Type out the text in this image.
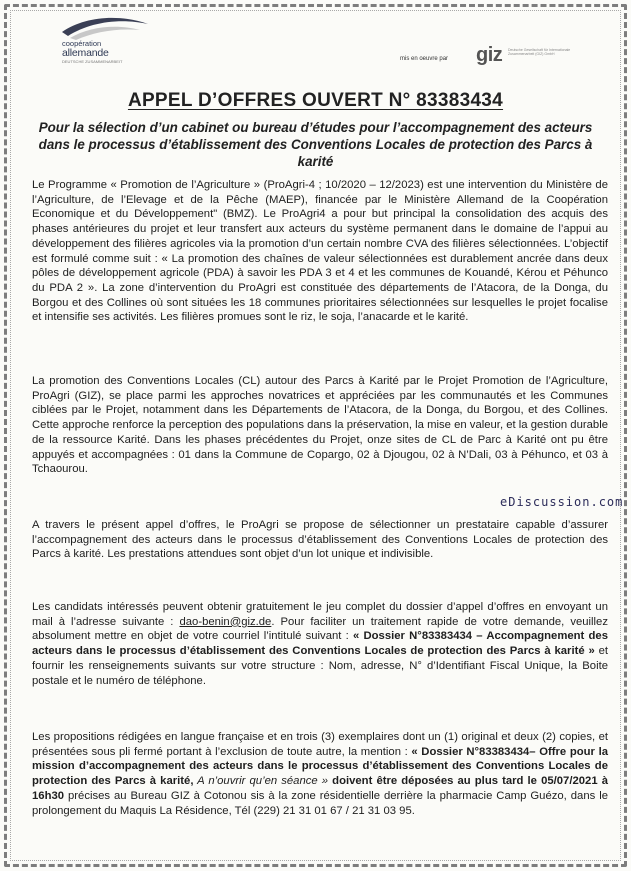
coopération
allemande
DEUTSCHE ZUSAMMENARBEIT	mis en oeuvre par giz Deutsche Gesellschaft für Internationale Zusammenarbeit (GIZ) GmbH
APPEL D’OFFRES OUVERT N° 83383434
Pour la sélection d’un cabinet ou bureau d’études pour l’accompagnement des acteurs dans le processus d’établissement des Conventions Locales de protection des Parcs à karité

Le Programme « Promotion de l’Agriculture » (ProAgri-4 ; 10/2020 – 12/2023) est une intervention du Ministère de l’Agriculture, de l’Elevage et de la Pêche (MAEP), financée par le Ministère Allemand de la Coopération Economique et du Développement" (BMZ). Le ProAgri4 a pour but principal la consolidation des acquis des phases antérieures du projet et leur transfert aux acteurs du système permanent dans le domaine de l’appui au développement des filières agricoles via la promotion d’un certain nombre CVA des filières sélectionnées. L’objectif est formulé comme suit : « La promotion des chaînes de valeur sélectionnées est durablement ancrée dans deux pôles de développement agricole (PDA) à savoir les PDA 3 et 4 et les communes de Kouandé, Kérou et Péhunco du PDA 2 ». La zone d’intervention du ProAgri est constituée des départements de l’Atacora, de la Donga, du Borgou et des Collines où sont situées les 18 communes prioritaires sélectionnées sur lesquelles le projet focalise et intensifie ses activités. Les filières promues sont le riz, le soja, l’anacarde et le karité.

La promotion des Conventions Locales (CL) autour des Parcs à Karité par le Projet Promotion de l’Agriculture, ProAgri (GIZ), se place parmi les approches novatrices et appréciées par les communautés et les Communes ciblées par le Projet, notamment dans les Départements de l’Atacora, de la Donga, du Borgou, et des Collines. Cette approche renforce la perception des populations dans la préservation, la mise en valeur, et la gestion durable de la ressource Karité. Dans les phases précédentes du Projet, onze sites de CL de Parc à Karité ont pu être appuyés et accompagnées : 01 dans la Commune de Copargo, 02 à Djougou, 02 à N’Dali, 03 à Péhunco, et 03 à Tchaourou.

eDiscussion.com

A travers le présent appel d’offres, le ProAgri se propose de sélectionner un prestataire capable d’assurer l’accompagnement des acteurs dans le processus d’établissement des Conventions Locales de protection des Parcs à karité. Les prestations attendues sont objet d’un lot unique et indivisible.

Les candidats intéressés peuvent obtenir gratuitement le jeu complet du dossier d’appel d’offres en envoyant un mail à l’adresse suivante : dao-benin@giz.de. Pour faciliter un traitement rapide de votre demande, veuillez absolument mettre en objet de votre courriel l’intitulé suivant : « Dossier N°83383434 – Accompagnement des acteurs dans le processus d’établissement des Conventions Locales de protection des Parcs à karité » et fournir les renseignements suivants sur votre structure : Nom, adresse, N° d’Identifiant Fiscal Unique, la Boite postale et le numéro de téléphone.

Les propositions rédigées en langue française et en trois (3) exemplaires dont un (1) original et deux (2) copies, et présentées sous pli fermé portant à l’exclusion de toute autre, la mention : « Dossier N°83383434– Offre pour la mission d’accompagnement des acteurs dans le processus d’établissement des Conventions Locales de protection des Parcs à karité, A n’ouvrir qu’en séance » doivent être déposées au plus tard le 05/07/2021 à 16h30 précises au Bureau GIZ à Cotonou sis à la zone résidentielle derrière la pharmacie Camp Guézo, dans le prolongement du Maquis La Résidence, Tél (229) 21 31 01 67 / 21 31 03 95.
